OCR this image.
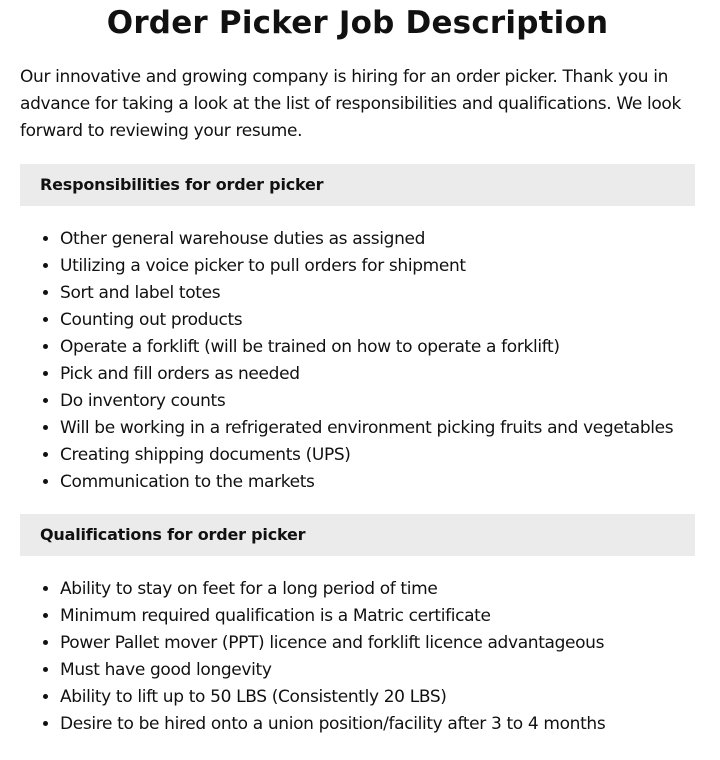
Order Picker Job Description

Our innovative and growing company is hiring for an order picker. Thank you in advance for taking a look at the list of responsibilities and qualifications. We look forward to reviewing your resume.

Responsibilities for order picker
• Other general warehouse duties as assigned
• Utilizing a voice picker to pull orders for shipment
• Sort and label totes
• Counting out products
• Operate a forklift (will be trained on how to operate a forklift)
• Pick and fill orders as needed
• Do inventory counts
• Will be working in a refrigerated environment picking fruits and vegetables
• Creating shipping documents (UPS)
• Communication to the markets
Qualifications for order picker
• Ability to stay on feet for a long period of time
• Minimum required qualification is a Matric certificate
• Power Pallet mover (PPT) licence and forklift licence advantageous
• Must have good longevity
• Ability to lift up to 50 LBS (Consistently 20 LBS)
• Desire to be hired onto a union position/facility after 3 to 4 months
